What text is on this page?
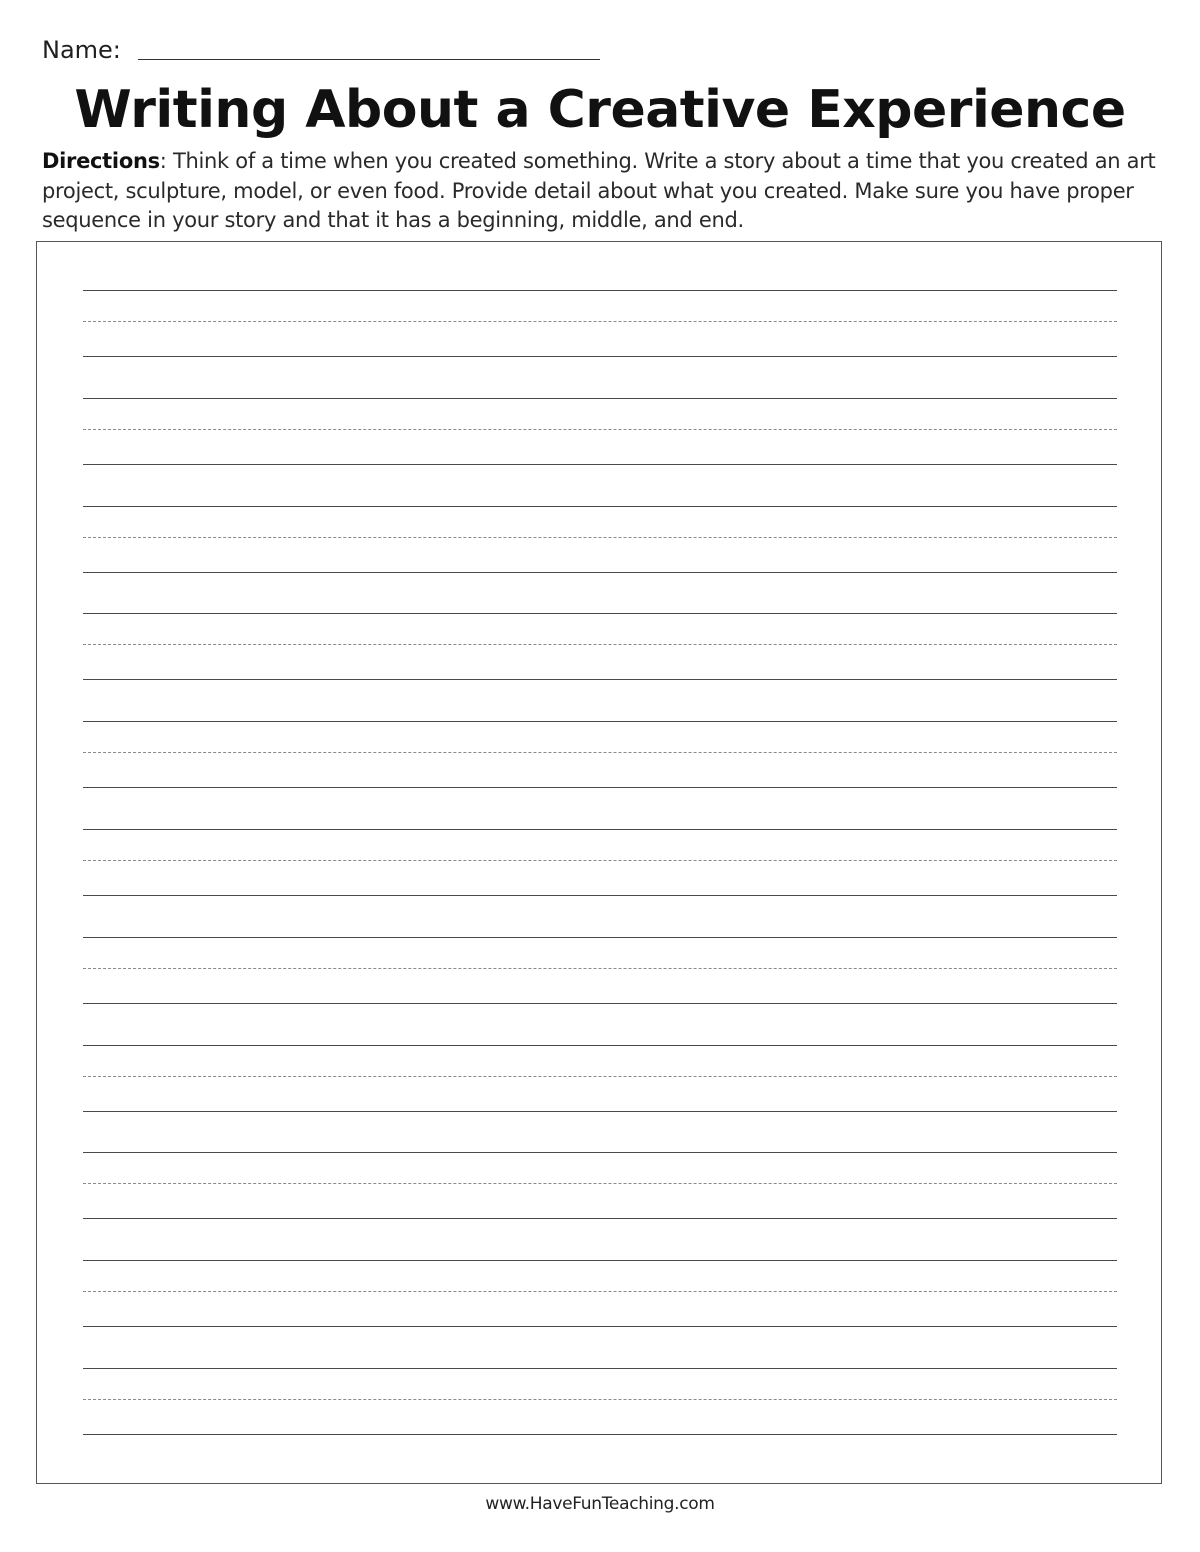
Name:
Writing About a Creative Experience
Directions: Think of a time when you created something. Write a story about a time that you created an art project, sculpture, model, or even food. Provide detail about what you created. Make sure you have proper sequence in your story and that it has a beginning, middle, and end.
www.HaveFunTeaching.com
